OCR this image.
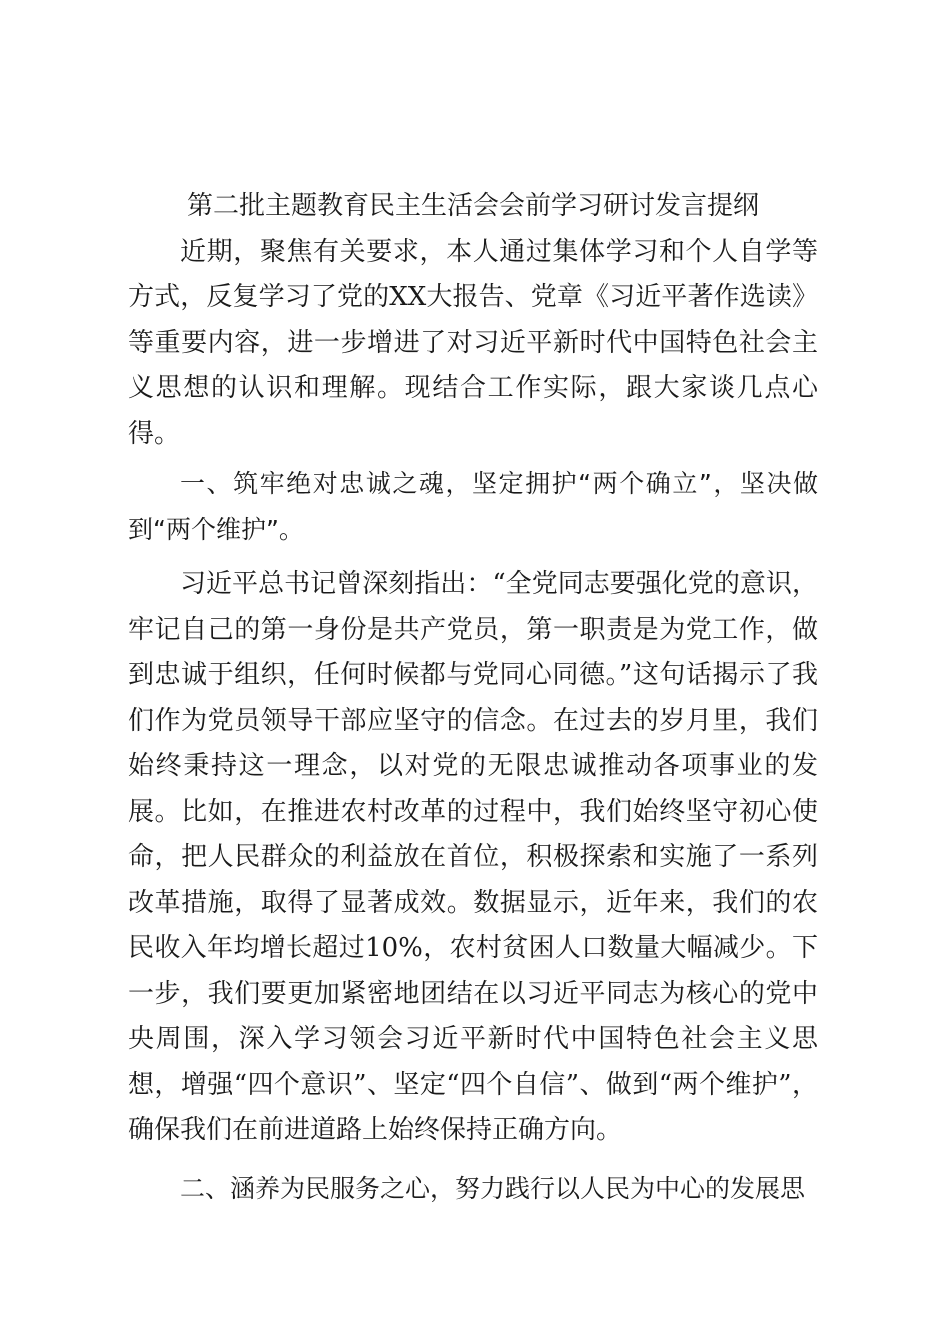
第二批主题教育民主生活会会前学习研讨发言提纲

近期，聚焦有关要求，本人通过集体学习和个人自学等方式，反复学习了党的XX大报告、党章《习近平著作选读》等重要内容，进一步增进了对习近平新时代中国特色社会主义思想的认识和理解。现结合工作实际，跟大家谈几点心得。

一、筑牢绝对忠诚之魂，坚定拥护“两个确立”，坚决做到“两个维护”。

习近平总书记曾深刻指出：“全党同志要强化党的意识，牢记自己的第一身份是共产党员，第一职责是为党工作，做到忠诚于组织，任何时候都与党同心同德。”这句话揭示了我们作为党员领导干部应坚守的信念。在过去的岁月里，我们始终秉持这一理念，以对党的无限忠诚推动各项事业的发展。比如，在推进农村改革的过程中，我们始终坚守初心使命，把人民群众的利益放在首位，积极探索和实施了一系列改革措施，取得了显著成效。数据显示，近年来，我们的农民收入年均增长超过10%，农村贫困人口数量大幅减少。下一步，我们要更加紧密地团结在以习近平同志为核心的党中央周围，深入学习领会习近平新时代中国特色社会主义思想，增强“四个意识”、坚定“四个自信”、做到“两个维护”，确保我们在前进道路上始终保持正确方向。

二、涵养为民服务之心，努力践行以人民为中心的发展思
